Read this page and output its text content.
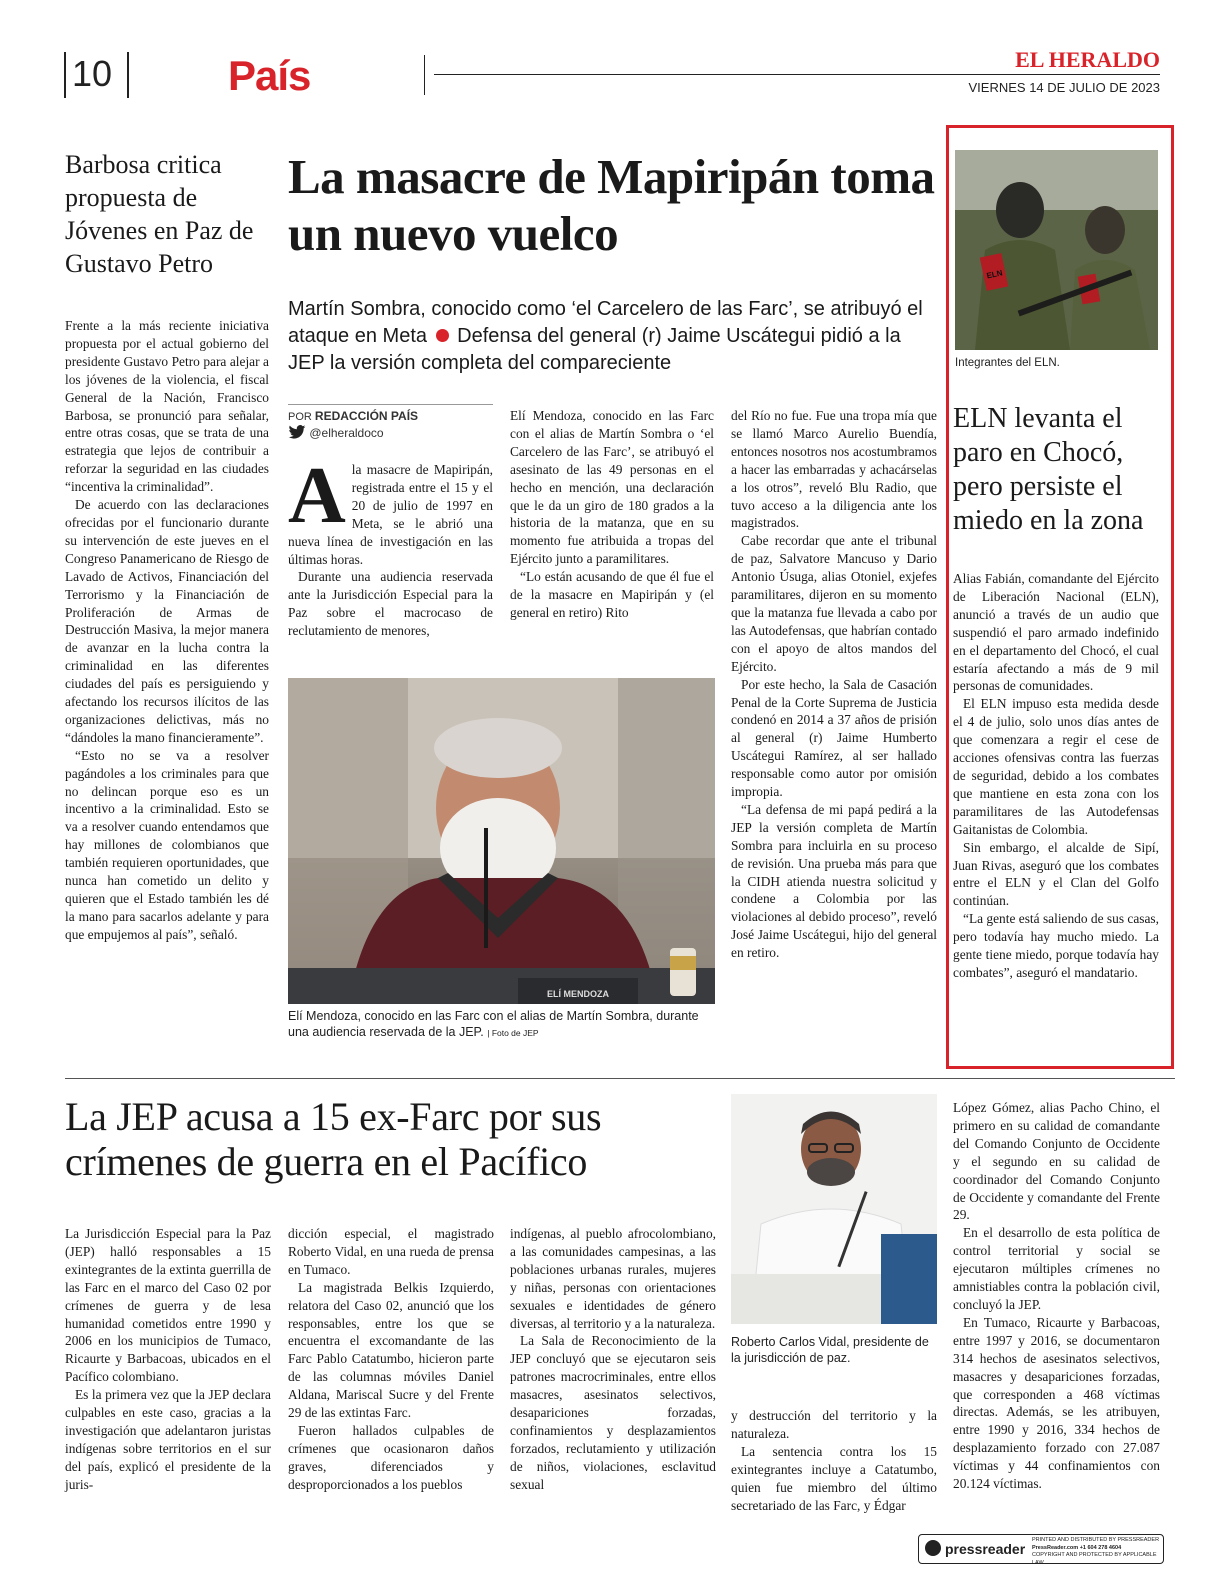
10	País	EL HERALDO
VIERNES 14 DE JULIO DE 2023
Barbosa critica propuesta de Jóvenes en Paz de Gustavo Petro

Frente a la más reciente iniciativa propuesta por el actual gobierno del presidente Gustavo Petro para alejar a los jóvenes de la violencia, el fiscal General de la Nación, Francisco Barbosa, se pronunció para señalar, entre otras cosas, que se trata de una estrategia que lejos de contribuir a reforzar la seguridad en las ciudades “incentiva la criminalidad”.

De acuerdo con las declaraciones ofrecidas por el funcionario durante su intervención de este jueves en el Congreso Panamericano de Riesgo de Lavado de Activos, Financiación del Terrorismo y la Financiación de Proliferación de Armas de Destrucción Masiva, la mejor manera de avanzar en la lucha contra la criminalidad en las diferentes ciudades del país es persiguiendo y afectando los recursos ilícitos de las organizaciones delictivas, más no “dándoles la mano financieramente”.

“Esto no se va a resolver pagándoles a los criminales para que no delincan porque eso es un incentivo a la criminalidad. Esto se va a resolver cuando entendamos que hay millones de colombianos que también requieren oportunidades, que nunca han cometido un delito y quieren que el Estado también les dé la mano para sacarlos adelante y para que empujemos al país”, señaló.

La masacre de Mapiripán toma un nuevo vuelco
Martín Sombra, conocido como ‘el Carcelero de las Farc’, se atribuyó el ataque en Meta Defensa del general (r) Jaime Uscátegui pidió a la JEP la versión completa del compareciente
POR REDACCIÓN PAÍS
@elheraldoco

Ala masacre de Mapiripán, registrada entre el 15 y el 20 de julio de 1997 en Meta, se le abrió una nueva línea de investigación en las últimas horas.

Durante una audiencia reservada ante la Jurisdicción Especial para la Paz sobre el macrocaso de reclutamiento de menores,

Elí Mendoza, conocido en las Farc con el alias de Martín Sombra o ‘el Carcelero de las Farc’, se atribuyó el asesinato de las 49 personas en el hecho en mención, una declaración que le da un giro de 180 grados a la historia de la matanza, que en su momento fue atribuida a tropas del Ejército junto a paramilitares.

“Lo están acusando de que él fue el de la masacre en Mapiripán y (el general en retiro) Rito

del Río no fue. Fue una tropa mía que se llamó Marco Aurelio Buendía, entonces nosotros nos acostumbramos a hacer las embarradas y achacárselas a los otros”, reveló Blu Radio, que tuvo acceso a la diligencia ante los magistrados.

Cabe recordar que ante el tribunal de paz, Salvatore Mancuso y Dario Antonio Úsuga, alias Otoniel, exjefes paramilitares, dijeron en su momento que la matanza fue llevada a cabo por las Autodefensas, que habrían contado con el apoyo de altos mandos del Ejército.

Por este hecho, la Sala de Casación Penal de la Corte Suprema de Justicia condenó en 2014 a 37 años de prisión al general (r) Jaime Humberto Uscátegui Ramírez, al ser hallado responsable como autor por omisión impropia.

“La defensa de mi papá pedirá a la JEP la versión completa de Martín Sombra para incluirla en su proceso de revisión. Una prueba más para que la CIDH atienda nuestra solicitud y condene a Colombia por las violaciones al debido proceso”, reveló José Jaime Uscátegui, hijo del general en retiro.

ELÍ MENDOZA
Elí Mendoza, conocido en las Farc con el alias de Martín Sombra, durante una audiencia reservada de la JEP. | Foto de JEP
ELN
Integrantes del ELN.
ELN levanta el paro en Chocó, pero persiste el miedo en la zona

Alias Fabián, comandante del Ejército de Liberación Nacional (ELN), anunció a través de un audio que suspendió el paro armado indefinido en el departamento del Chocó, el cual estaría afectando a más de 9 mil personas de comunidades.

El ELN impuso esta medida desde el 4 de julio, solo unos días antes de que comenzara a regir el cese de acciones ofensivas contra las fuerzas de seguridad, debido a los combates que mantiene en esta zona con los paramilitares de las Autodefensas Gaitanistas de Colombia.

Sin embargo, el alcalde de Sipí, Juan Rivas, aseguró que los combates entre el ELN y el Clan del Golfo continúan.

“La gente está saliendo de sus casas, pero todavía hay mucho miedo. La gente tiene miedo, porque todavía hay combates”, aseguró el mandatario.

La JEP acusa a 15 ex-Farc por sus crímenes de guerra en el Pacífico

La Jurisdicción Especial para la Paz (JEP) halló responsables a 15 exintegrantes de la extinta guerrilla de las Farc en el marco del Caso 02 por crímenes de guerra y de lesa humanidad cometidos entre 1990 y 2006 en los municipios de Tumaco, Ricaurte y Barbacoas, ubicados en el Pacífico colombiano.

Es la primera vez que la JEP declara culpables en este caso, gracias a la investigación que adelantaron juristas indígenas sobre territorios en el sur del país, explicó el presidente de la juris-

dicción especial, el magistrado Roberto Vidal, en una rueda de prensa en Tumaco.

La magistrada Belkis Izquierdo, relatora del Caso 02, anunció que los responsables, entre los que se encuentra el excomandante de las Farc Pablo Catatumbo, hicieron parte de las columnas móviles Daniel Aldana, Mariscal Sucre y del Frente 29 de las extintas Farc.

Fueron hallados culpables de crímenes que ocasionaron daños graves, diferenciados y desproporcionados a los pueblos

indígenas, al pueblo afrocolombiano, a las comunidades campesinas, a las poblaciones urbanas rurales, mujeres y niñas, personas con orientaciones sexuales e identidades de género diversas, al territorio y a la naturaleza.

La Sala de Reconocimiento de la JEP concluyó que se ejecutaron seis patrones macrocriminales, entre ellos masacres, asesinatos selectivos, desapariciones forzadas, confinamientos y desplazamientos forzados, reclutamiento y utilización de niños, violaciones, esclavitud sexual

Roberto Carlos Vidal, presidente de la jurisdicción de paz.

y destrucción del territorio y la naturaleza.

La sentencia contra los 15 exintegrantes incluye a Catatumbo, quien fue miembro del último secretariado de las Farc, y Édgar

López Gómez, alias Pacho Chino, el primero en su calidad de comandante del Comando Conjunto de Occidente y el segundo en su calidad de coordinador del Comando Conjunto de Occidente y comandante del Frente 29.

En el desarrollo de esta política de control territorial y social se ejecutaron múltiples crímenes no amnistiables contra la población civil, concluyó la JEP.

En Tumaco, Ricaurte y Barbacoas, entre 1997 y 2016, se documentaron 314 hechos de asesinatos selectivos, masacres y desapariciones forzadas, que corresponden a 468 víctimas directas. Además, se les atribuyen, entre 1990 y 2016, 334 hechos de desplazamiento forzado con 27.087 víctimas y 44 confinamientos con 20.124 víctimas.

pressreader
PRINTED AND DISTRIBUTED BY PRESSREADER
PressReader.com +1 604 278 4604
COPYRIGHT AND PROTECTED BY APPLICABLE LAW
